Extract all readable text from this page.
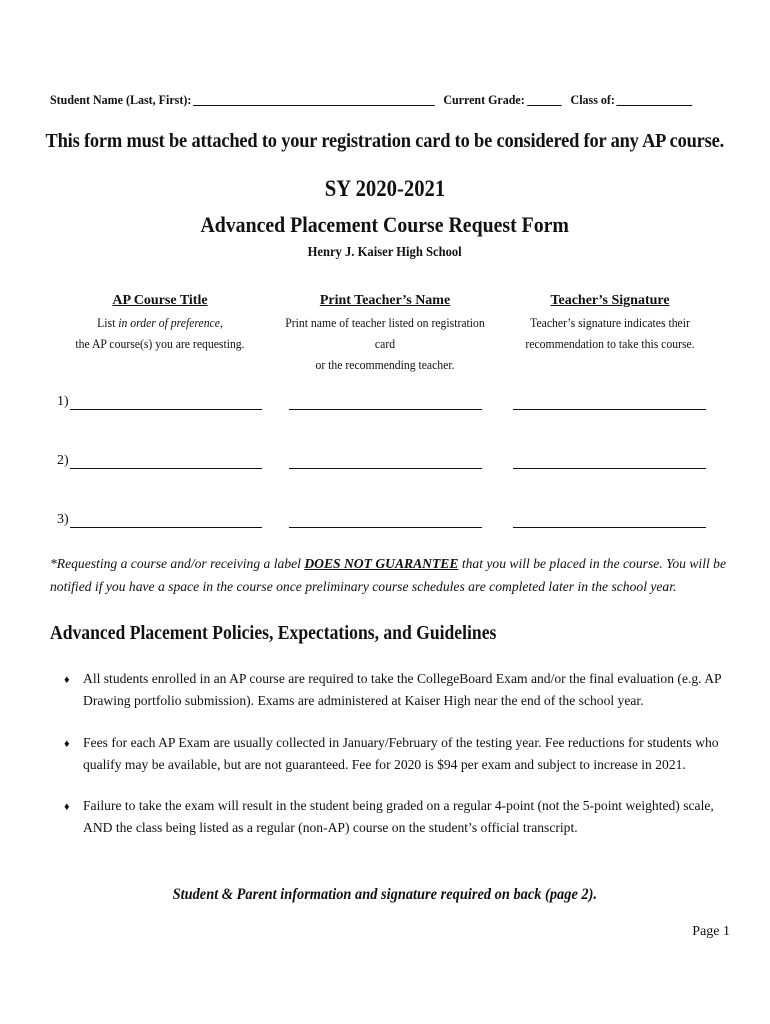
Student Name (Last, First):	Current Grade:	Class of:
This form must be attached to your registration card to be considered for any AP course.
SY 2020-2021
Advanced Placement Course Request Form
Henry J. Kaiser High School
AP Course Title
List in order of preference,
the AP course(s) you are requesting.
Print Teacher’s Name
Print name of teacher listed on registration card
or the recommending teacher.
Teacher’s Signature
Teacher’s signature indicates their
recommendation to take this course.
1)
2)
3)
*Requesting a course and/or receiving a label DOES NOT GUARANTEE that you will be placed in the course. You will be notified if you have a space in the course once preliminary course schedules are completed later in the school year.
Advanced Placement Policies, Expectations, and Guidelines
♦ All students enrolled in an AP course are required to take the CollegeBoard Exam and/or the final evaluation (e.g. AP Drawing portfolio submission). Exams are administered at Kaiser High near the end of the school year.
♦ Fees for each AP Exam are usually collected in January/February of the testing year. Fee reductions for students who qualify may be available, but are not guaranteed. Fee for 2020 is $94 per exam and subject to increase in 2021.
♦ Failure to take the exam will result in the student being graded on a regular 4-point (not the 5-point weighted) scale, AND the class being listed as a regular (non-AP) course on the student’s official transcript.
Student & Parent information and signature required on back (page 2).
Page 1
